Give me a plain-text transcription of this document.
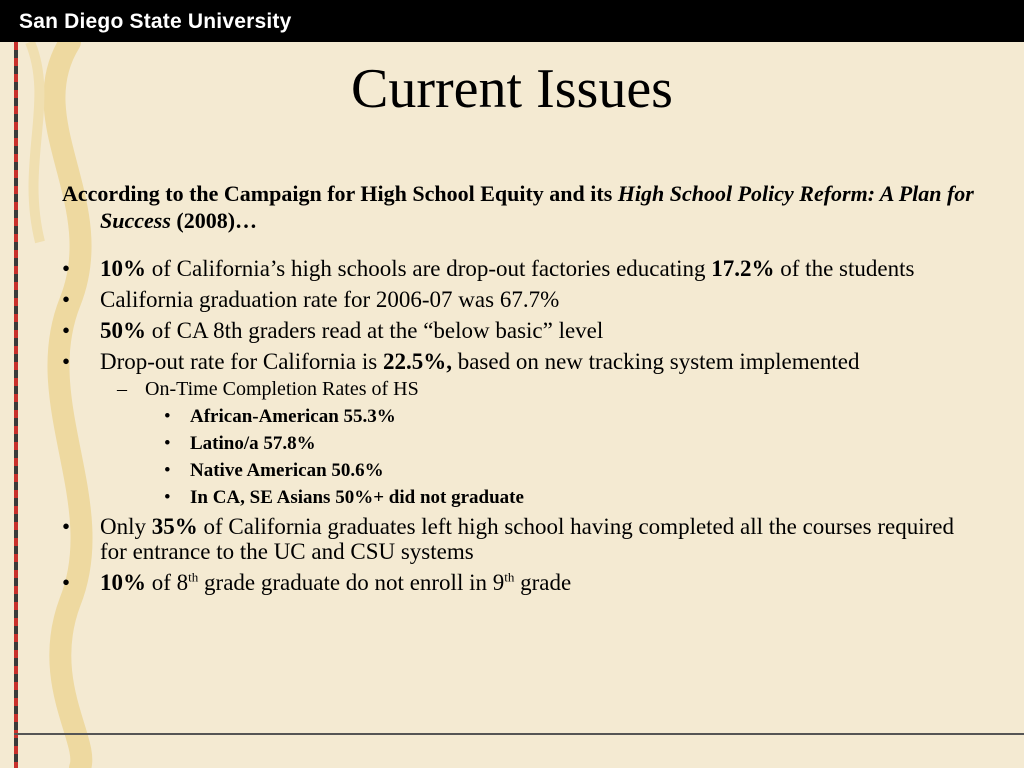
San Diego State University
Current Issues

According to the Campaign for High School Equity and its High School Policy Reform: A Plan for Success (2008)…

• 10% of California’s high schools are drop-out factories educating 17.2% of the students
• California graduation rate for 2006-07 was 67.7%
• 50% of CA 8th graders read at the “below basic” level
• Drop-out rate for California is 22.5%, based on new tracking system implemented
– On-Time Completion Rates of HS
• African-American 55.3%
• Latino/a 57.8%
• Native American 50.6%
• In CA, SE Asians 50%+ did not graduate
• Only 35% of California graduates left high school having completed all the courses required for entrance to the UC and CSU systems
• 10% of 8th grade graduate do not enroll in 9th grade
